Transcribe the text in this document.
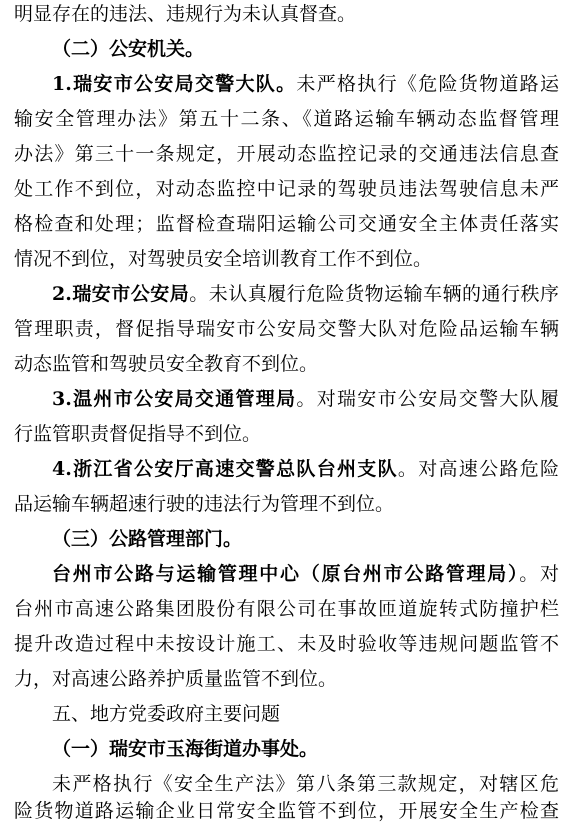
明显存在的违法、违规行为未认真督查。
（二）公安机关。
1.瑞安市公安局交警大队。未严格执行《危险货物道路运
输安全管理办法》第五十二条、《道路运输车辆动态监督管理
办法》第三十一条规定，开展动态监控记录的交通违法信息查
处工作不到位，对动态监控中记录的驾驶员违法驾驶信息未严
格检查和处理；监督检查瑞阳运输公司交通安全主体责任落实
情况不到位，对驾驶员安全培训教育工作不到位。
2.瑞安市公安局。未认真履行危险货物运输车辆的通行秩序
管理职责，督促指导瑞安市公安局交警大队对危险品运输车辆
动态监管和驾驶员安全教育不到位。
3.温州市公安局交通管理局。对瑞安市公安局交警大队履
行监管职责督促指导不到位。
4.浙江省公安厅高速交警总队台州支队。对高速公路危险
品运输车辆超速行驶的违法行为管理不到位。
（三）公路管理部门。
台州市公路与运输管理中心（原台州市公路管理局）。对
台州市高速公路集团股份有限公司在事故匝道旋转式防撞护栏
提升改造过程中未按设计施工、未及时验收等违规问题监管不
力，对高速公路养护质量监管不到位。
五、地方党委政府主要问题
（一）瑞安市玉海街道办事处。
未严格执行《安全生产法》第八条第三款规定，对辖区危
险货物道路运输企业日常安全监管不到位，开展安全生产检查
